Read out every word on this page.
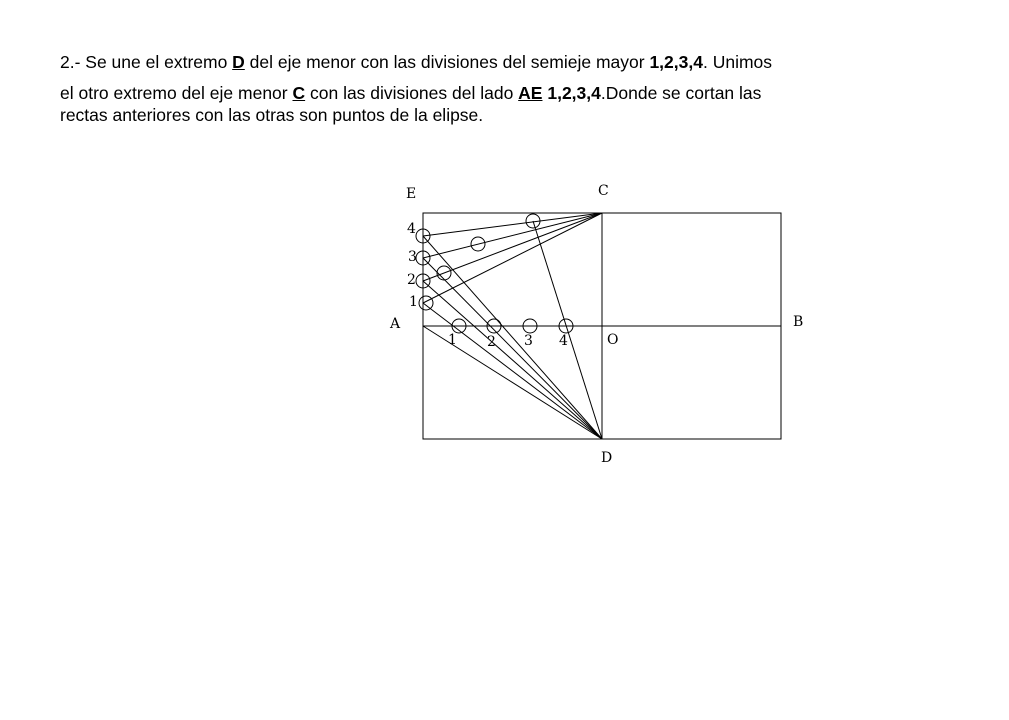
2.- Se une el extremo D del eje menor con las divisiones del semieje mayor 1,2,3,4. Unimos

el otro extremo del eje menor C con las divisiones del lado AE 1,2,3,4.Donde se cortan las

rectas anteriores con las otras son puntos de la elipse.

E	C
A	B
O
D
4
3
2
1
1 2 3 4
